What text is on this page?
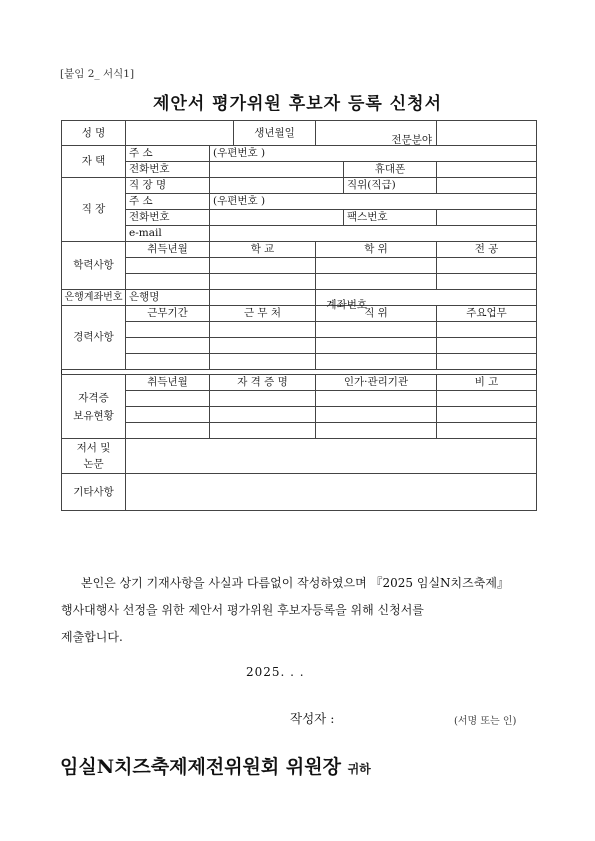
[붙임 2_ 서식1]
제안서 평가위원 후보자 등록 신청서
성 명			생년월일	전문분야		

자 택	주 소	(우편번호 )				
	전화번호				휴대폰	
직 장	직 장 명				직위(직급)	
	주 소	(우편번호 )				
	전화번호				팩스번호	
	e-mail					
학력사항	취득년월	학 교		학 위		전 공

은행계좌번호	은행명	계좌번호				

경력사항	근무기간	근 무 처		직 위		주요업무

자격증
보유현황	취득년월	자 격 증 명		인가·관리기관		비 고

저서 및
논문						

기타사항						
본인은 상기 기재사항을 사실과 다름없이 작성하였으며 『2025 임실N치즈축제』
행사대행사 선정을 위한 제안서 평가위원 후보자등록을 위해 신청서를
제출합니다.
2025. . .
작성자 :	(서명 또는 인)
임실N치즈축제제전위원회 위원장 귀하
